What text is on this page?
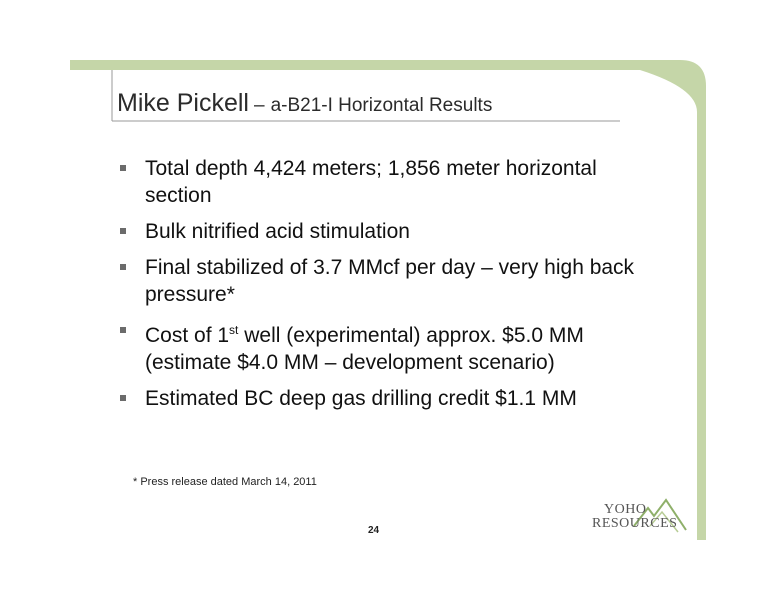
Mike Pickell – a-B21-I Horizontal Results
Total depth 4,424 meters; 1,856 meter horizontal section
Bulk nitrified acid stimulation
Final stabilized of 3.7 MMcf per day – very high back pressure*
Cost of 1st well (experimental) approx. $5.0 MM (estimate $4.0 MM – development scenario)
Estimated BC deep gas drilling credit $1.1 MM
* Press release dated March 14, 2011
24
YOHO
RESOURCES
